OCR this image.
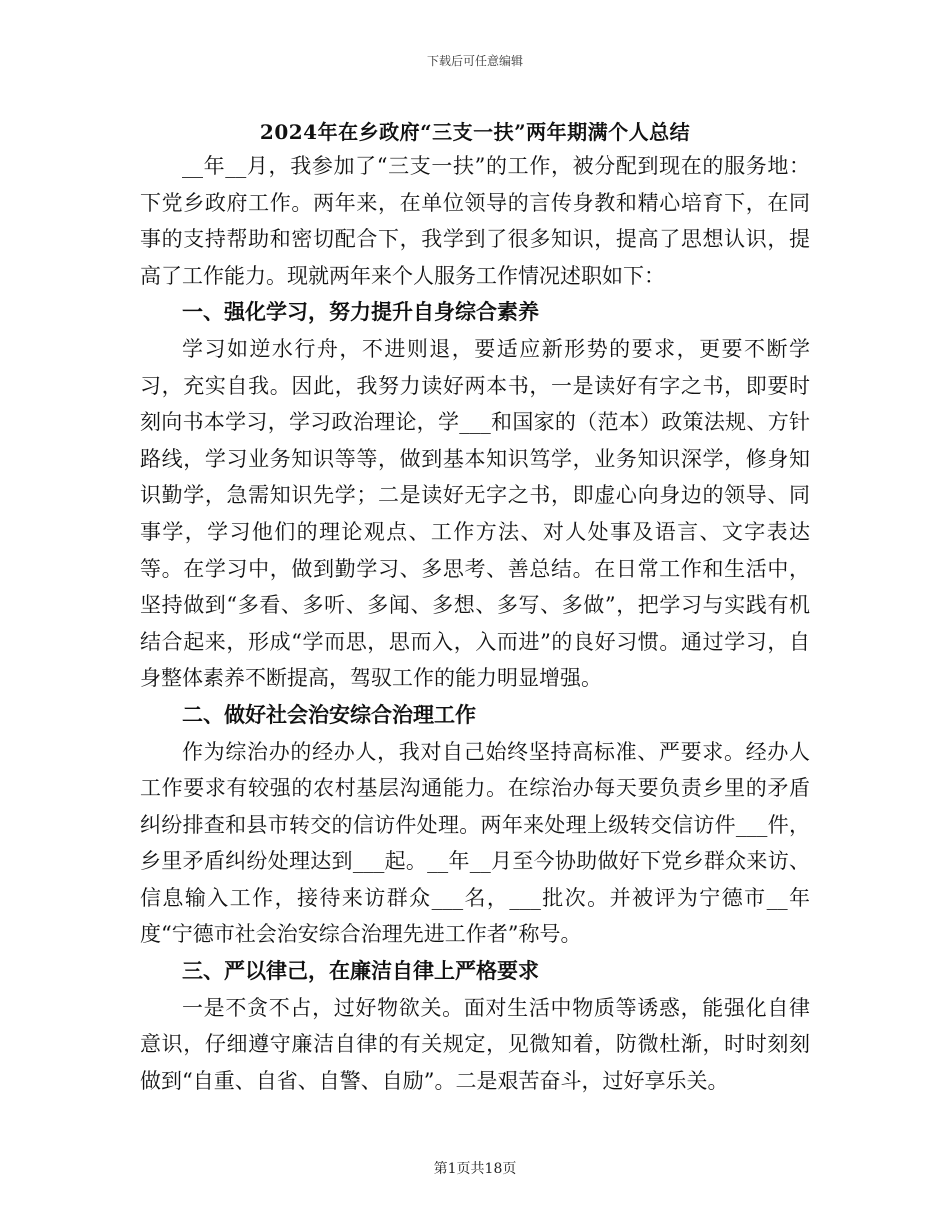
下载后可任意编辑
2024年在乡政府“三支一扶”两年期满个人总结

__年__月，我参加了“三支一扶”的工作，被分配到现在的服务地：下党乡政府工作。两年来，在单位领导的言传身教和精心培育下，在同事的支持帮助和密切配合下，我学到了很多知识，提高了思想认识，提高了工作能力。现就两年来个人服务工作情况述职如下：

一、强化学习，努力提升自身综合素养

学习如逆水行舟，不进则退，要适应新形势的要求，更要不断学习，充实自我。因此，我努力读好两本书，一是读好有字之书，即要时刻向书本学习，学习政治理论，学___和国家的（范本）政策法规、方针路线，学习业务知识等等，做到基本知识笃学，业务知识深学，修身知识勤学，急需知识先学；二是读好无字之书，即虚心向身边的领导、同事学，学习他们的理论观点、工作方法、对人处事及语言、文字表达等。在学习中，做到勤学习、多思考、善总结。在日常工作和生活中，坚持做到“多看、多听、多闻、多想、多写、多做”，把学习与实践有机结合起来，形成“学而思，思而入，入而进”的良好习惯。通过学习，自身整体素养不断提高，驾驭工作的能力明显增强。

二、做好社会治安综合治理工作

作为综治办的经办人，我对自己始终坚持高标准、严要求。经办人工作要求有较强的农村基层沟通能力。在综治办每天要负责乡里的矛盾纠纷排查和县市转交的信访件处理。两年来处理上级转交信访件___件，乡里矛盾纠纷处理达到___起。__年__月至今协助做好下党乡群众来访、信息输入工作，接待来访群众___名，___批次。并被评为宁德市__年度“宁德市社会治安综合治理先进工作者”称号。

三、严以律己，在廉洁自律上严格要求

一是不贪不占，过好物欲关。面对生活中物质等诱惑，能强化自律意识，仔细遵守廉洁自律的有关规定，见微知着，防微杜渐，时时刻刻做到“自重、自省、自警、自励”。二是艰苦奋斗，过好享乐关。

第1页共18页
